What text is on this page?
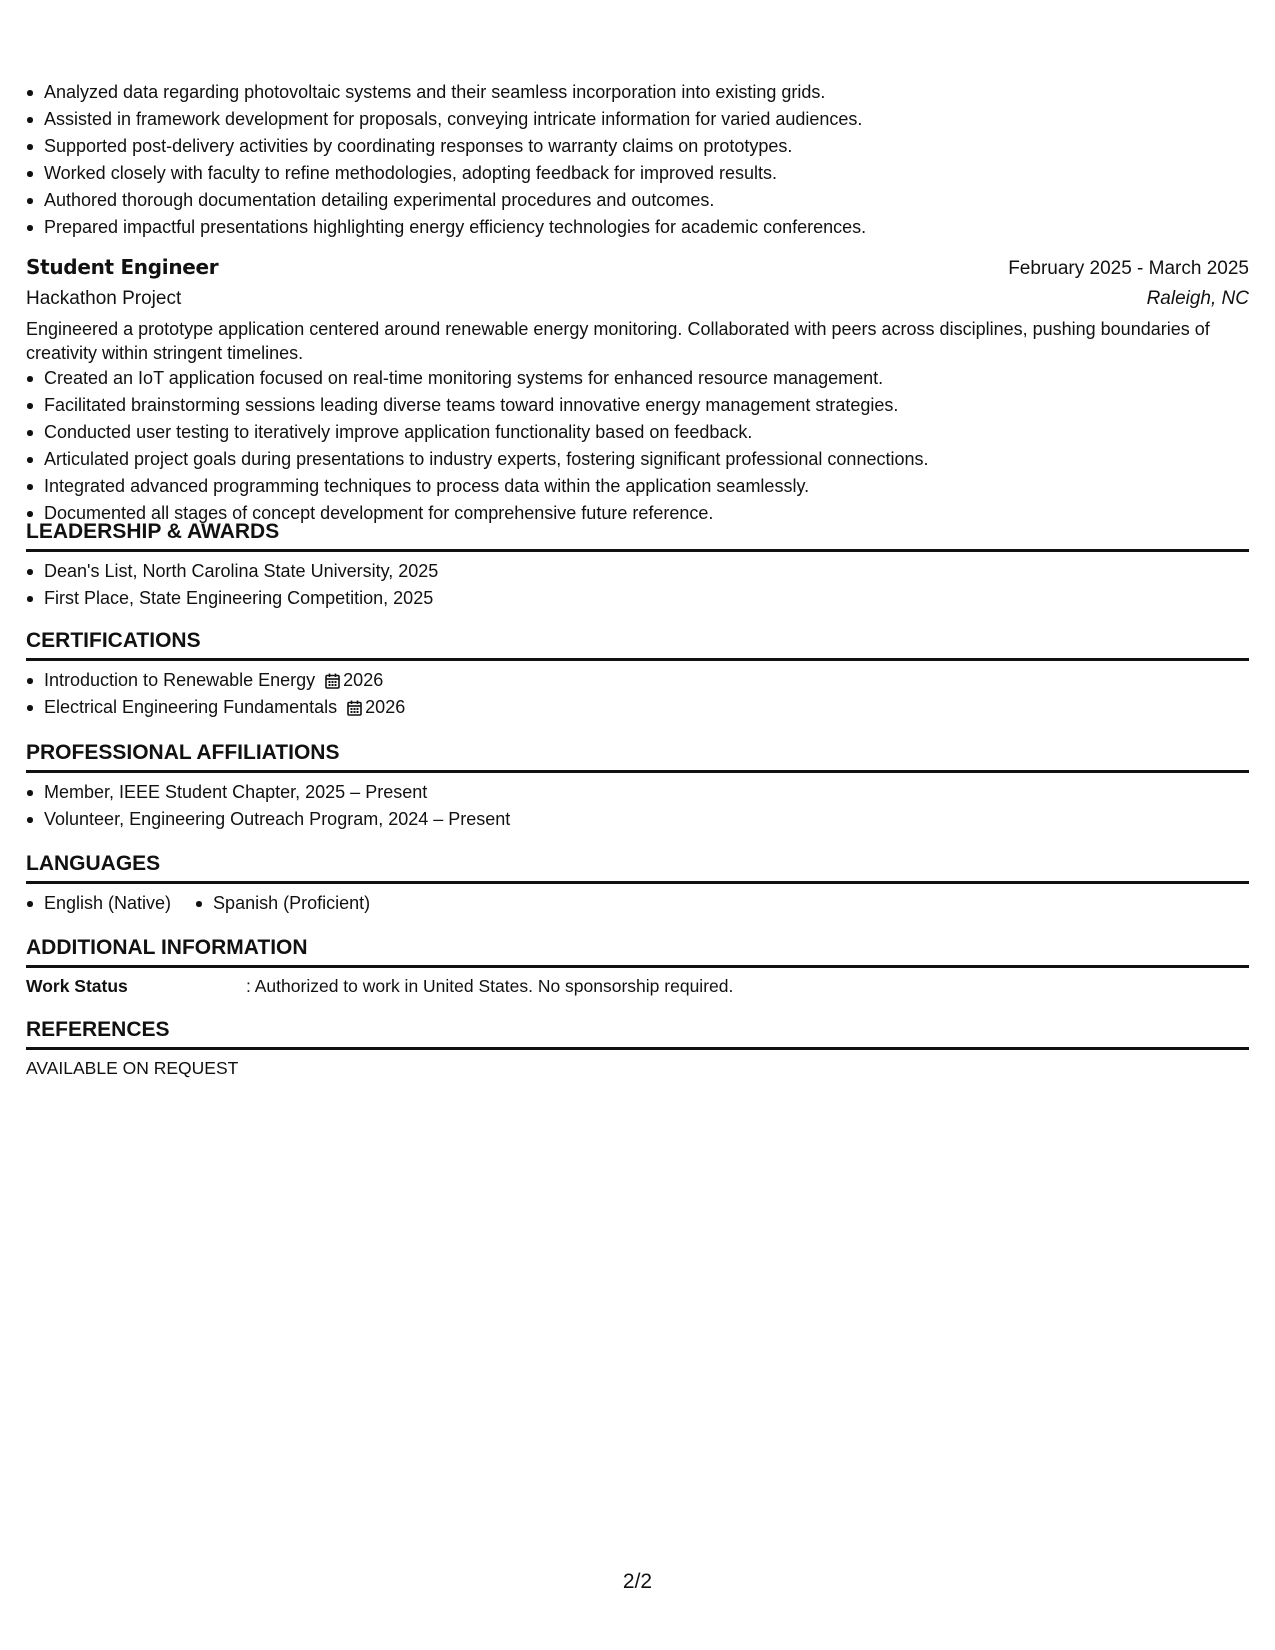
Analyzed data regarding photovoltaic systems and their seamless incorporation into existing grids.
Assisted in framework development for proposals, conveying intricate information for varied audiences.
Supported post-delivery activities by coordinating responses to warranty claims on prototypes.
Worked closely with faculty to refine methodologies, adopting feedback for improved results.
Authored thorough documentation detailing experimental procedures and outcomes.
Prepared impactful presentations highlighting energy efficiency technologies for academic conferences.
Student Engineer	February 2025 - March 2025
Hackathon Project	Raleigh, NC
Engineered a prototype application centered around renewable energy monitoring. Collaborated with peers across disciplines, pushing boundaries of creativity within stringent timelines.
Created an IoT application focused on real-time monitoring systems for enhanced resource management.
Facilitated brainstorming sessions leading diverse teams toward innovative energy management strategies.
Conducted user testing to iteratively improve application functionality based on feedback.
Articulated project goals during presentations to industry experts, fostering significant professional connections.
Integrated advanced programming techniques to process data within the application seamlessly.
Documented all stages of concept development for comprehensive future reference.
LEADERSHIP & AWARDS
Dean's List, North Carolina State University, 2025
First Place, State Engineering Competition, 2025
CERTIFICATIONS
Introduction to Renewable Energy 2026
Electrical Engineering Fundamentals 2026
PROFESSIONAL AFFILIATIONS
Member, IEEE Student Chapter, 2025 – Present
Volunteer, Engineering Outreach Program, 2024 – Present
LANGUAGES
English (Native)	Spanish (Proficient)
ADDITIONAL INFORMATION
Work Status	: Authorized to work in United States. No sponsorship required.
REFERENCES
AVAILABLE ON REQUEST
2/2
